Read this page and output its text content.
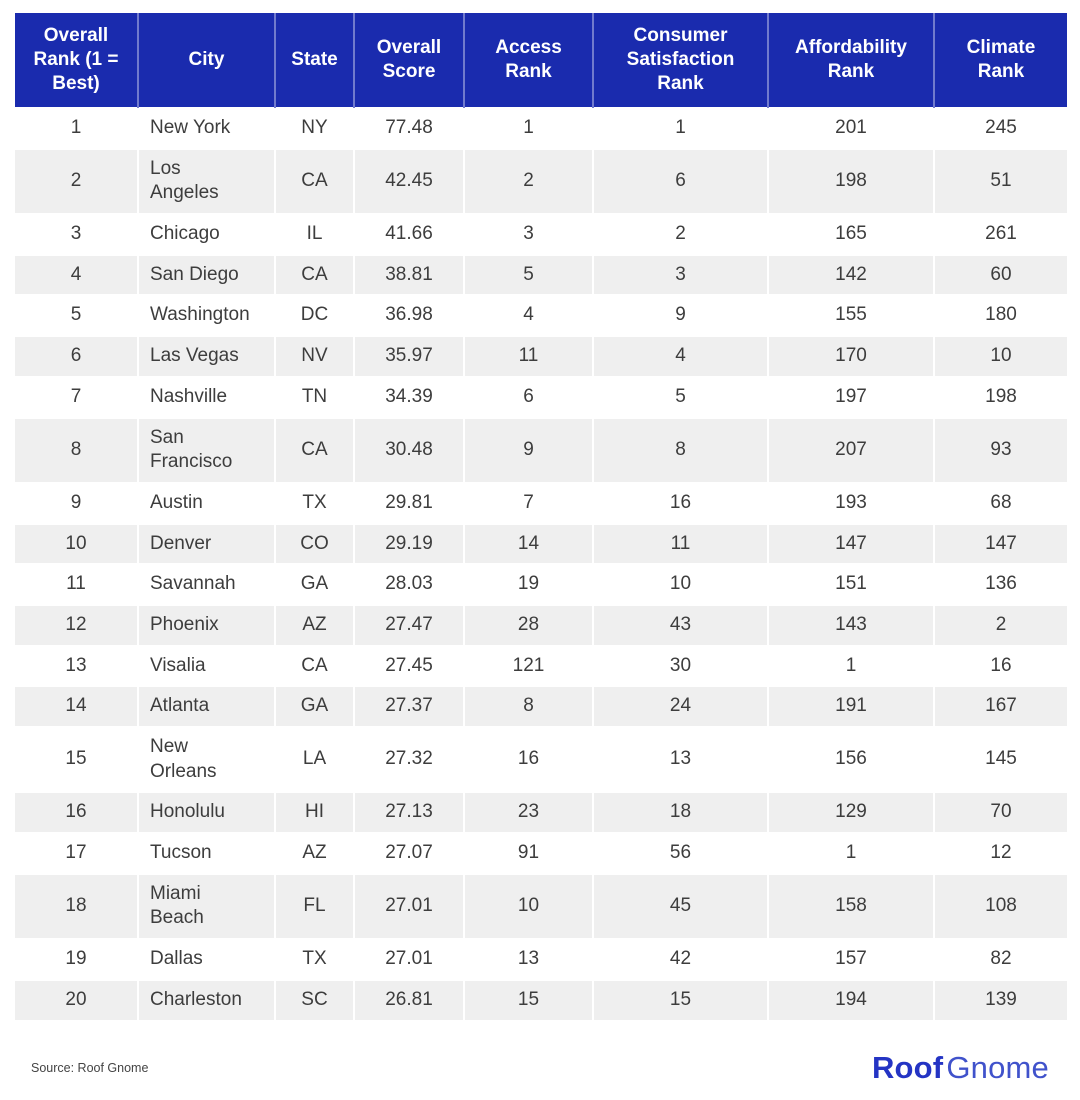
Overall Rank (1 = Best)	City	State	Overall Score	Access Rank	Consumer Satisfaction Rank	Affordability Rank	Climate Rank
1	New York	NY	77.48	1	1	201	245
2	Los Angeles	CA	42.45	2	6	198	51
3	Chicago	IL	41.66	3	2	165	261
4	San Diego	CA	38.81	5	3	142	60
5	Washington	DC	36.98	4	9	155	180
6	Las Vegas	NV	35.97	11	4	170	10
7	Nashville	TN	34.39	6	5	197	198
8	San Francisco	CA	30.48	9	8	207	93
9	Austin	TX	29.81	7	16	193	68
10	Denver	CO	29.19	14	11	147	147
11	Savannah	GA	28.03	19	10	151	136
12	Phoenix	AZ	27.47	28	43	143	2
13	Visalia	CA	27.45	121	30	1	16
14	Atlanta	GA	27.37	8	24	191	167
15	New Orleans	LA	27.32	16	13	156	145
16	Honolulu	HI	27.13	23	18	129	70
17	Tucson	AZ	27.07	91	56	1	12
18	Miami Beach	FL	27.01	10	45	158	108
19	Dallas	TX	27.01	13	42	157	82
20	Charleston	SC	26.81	15	15	194	139
Source: Roof Gnome	RoofGnome
